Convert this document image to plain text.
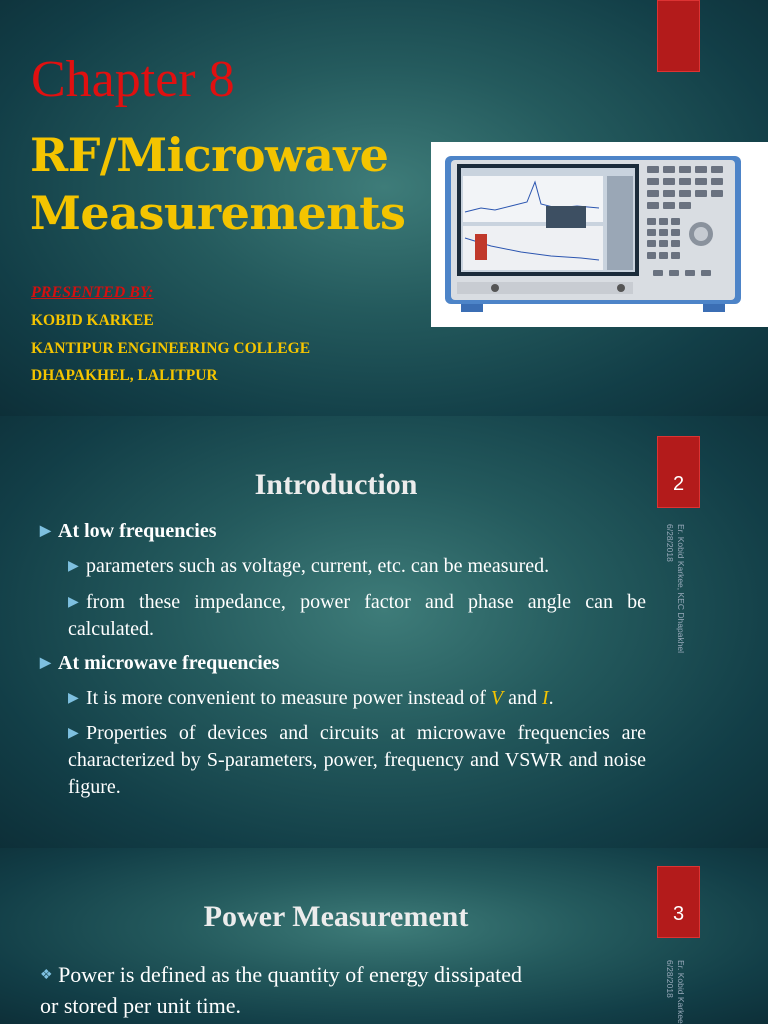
Chapter 8
RF/Microwave
Measurements
PRESENTED BY:
KOBID KARKEE
KANTIPUR ENGINEERING COLLEGE
DHAPAKHEL, LALITPUR
2
Introduction
▶ At low frequencies
▶ parameters such as voltage, current, etc. can be measured.
▶ from these impedance, power factor and phase angle can be calculated.
▶ At microwave frequencies
▶ It is more convenient to measure power instead of V and I.
▶ Properties of devices and circuits at microwave frequencies are characterized by S-parameters, power, frequency and VSWR and noise figure.
Er. Kobid Karkee, KEC Dhapakhel
6/28/2018
3
Power Measurement
❖ Power is defined as the quantity of energy dissipated or stored per unit time.	Er. Kobid Karkee
6/28/2018
